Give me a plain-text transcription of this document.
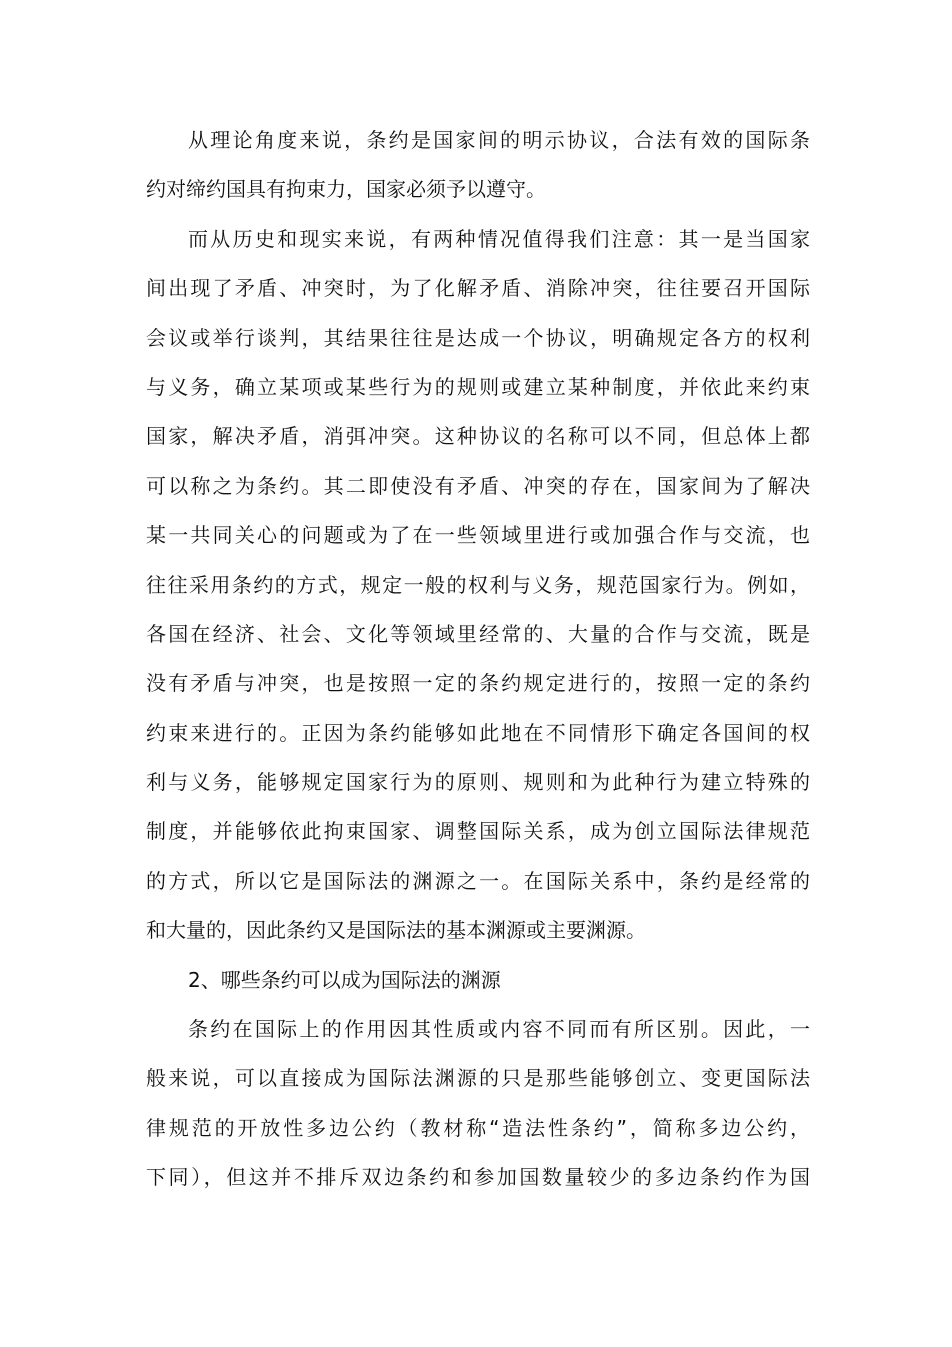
从理论角度来说，条约是国家间的明示协议，合法有效的国际条
约对缔约国具有拘束力，国家必须予以遵守。
而从历史和现实来说，有两种情况值得我们注意：其一是当国家
间出现了矛盾、冲突时，为了化解矛盾、消除冲突，往往要召开国际
会议或举行谈判，其结果往往是达成一个协议，明确规定各方的权利
与义务，确立某项或某些行为的规则或建立某种制度，并依此来约束
国家，解决矛盾，消弭冲突。这种协议的名称可以不同，但总体上都
可以称之为条约。其二即使没有矛盾、冲突的存在，国家间为了解决
某一共同关心的问题或为了在一些领域里进行或加强合作与交流，也
往往采用条约的方式，规定一般的权利与义务，规范国家行为。例如，
各国在经济、社会、文化等领域里经常的、大量的合作与交流，既是
没有矛盾与冲突，也是按照一定的条约规定进行的，按照一定的条约
约束来进行的。正因为条约能够如此地在不同情形下确定各国间的权
利与义务，能够规定国家行为的原则、规则和为此种行为建立特殊的
制度，并能够依此拘束国家、调整国际关系，成为创立国际法律规范
的方式，所以它是国际法的渊源之一。在国际关系中，条约是经常的
和大量的，因此条约又是国际法的基本渊源或主要渊源。
2、哪些条约可以成为国际法的渊源
条约在国际上的作用因其性质或内容不同而有所区别。因此，一
般来说，可以直接成为国际法渊源的只是那些能够创立、变更国际法
律规范的开放性多边公约（教材称“造法性条约”，简称多边公约，
下同），但这并不排斥双边条约和参加国数量较少的多边条约作为国
